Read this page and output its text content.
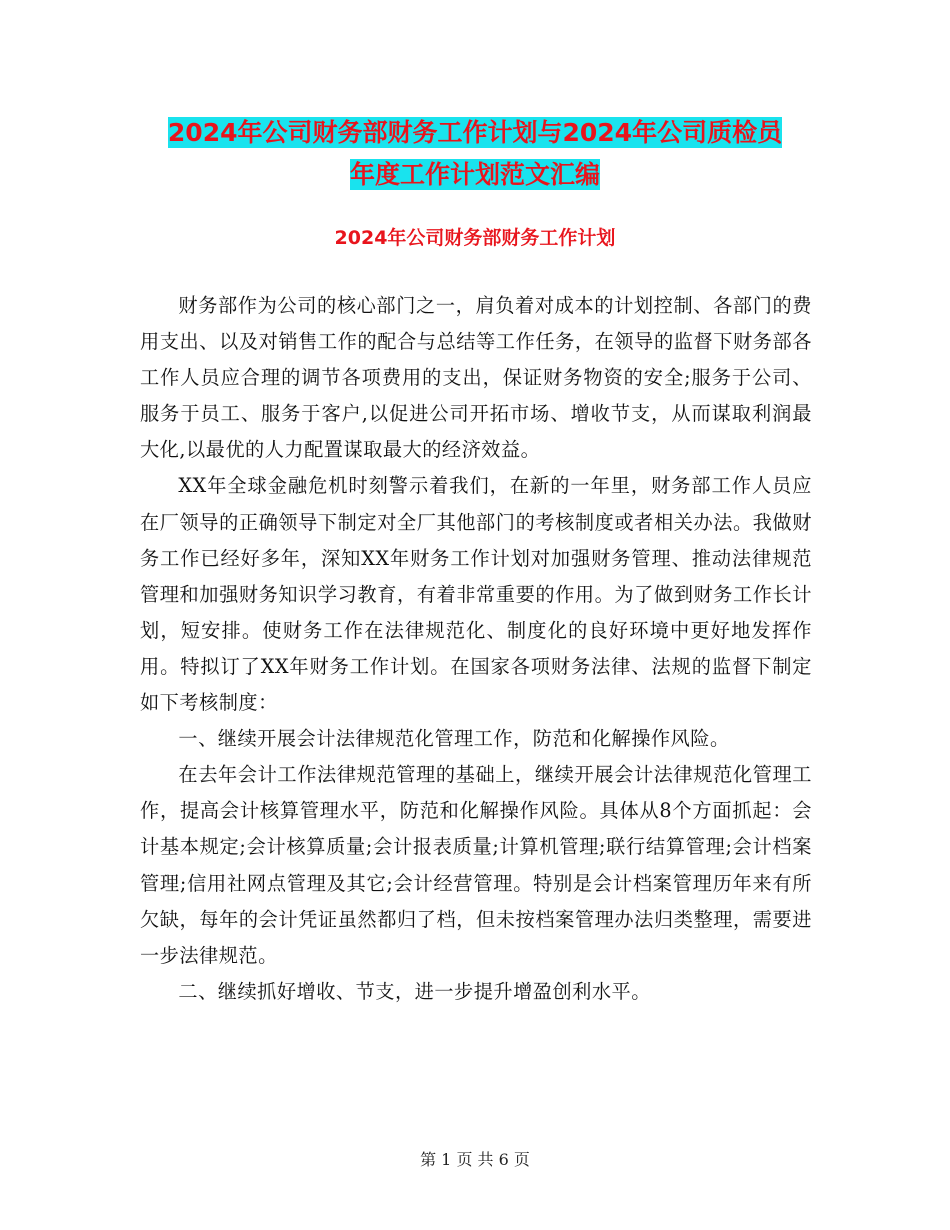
2024年公司财务部财务工作计划与2024年公司质检员
年度工作计划范文汇编
2024年公司财务部财务工作计划

财务部作为公司的核心部门之一，肩负着对成本的计划控制、各部门的费用支出、以及对销售工作的配合与总结等工作任务，在领导的监督下财务部各工作人员应合理的调节各项费用的支出，保证财务物资的安全;服务于公司、服务于员工、服务于客户,以促进公司开拓市场、增收节支，从而谋取利润最大化,以最优的人力配置谋取最大的经济效益。

XX年全球金融危机时刻警示着我们，在新的一年里，财务部工作人员应在厂领导的正确领导下制定对全厂其他部门的考核制度或者相关办法。我做财务工作已经好多年，深知XX年财务工作计划对加强财务管理、推动法律规范管理和加强财务知识学习教育，有着非常重要的作用。为了做到财务工作长计划，短安排。使财务工作在法律规范化、制度化的良好环境中更好地发挥作用。特拟订了XX年财务工作计划。在国家各项财务法律、法规的监督下制定如下考核制度：

一、继续开展会计法律规范化管理工作，防范和化解操作风险。

在去年会计工作法律规范管理的基础上，继续开展会计法律规范化管理工作，提高会计核算管理水平，防范和化解操作风险。具体从8个方面抓起：会计基本规定;会计核算质量;会计报表质量;计算机管理;联行结算管理;会计档案管理;信用社网点管理及其它;会计经营管理。特别是会计档案管理历年来有所欠缺，每年的会计凭证虽然都归了档，但未按档案管理办法归类整理，需要进一步法律规范。

二、继续抓好增收、节支，进一步提升增盈创利水平。

第 1 页 共 6 页
